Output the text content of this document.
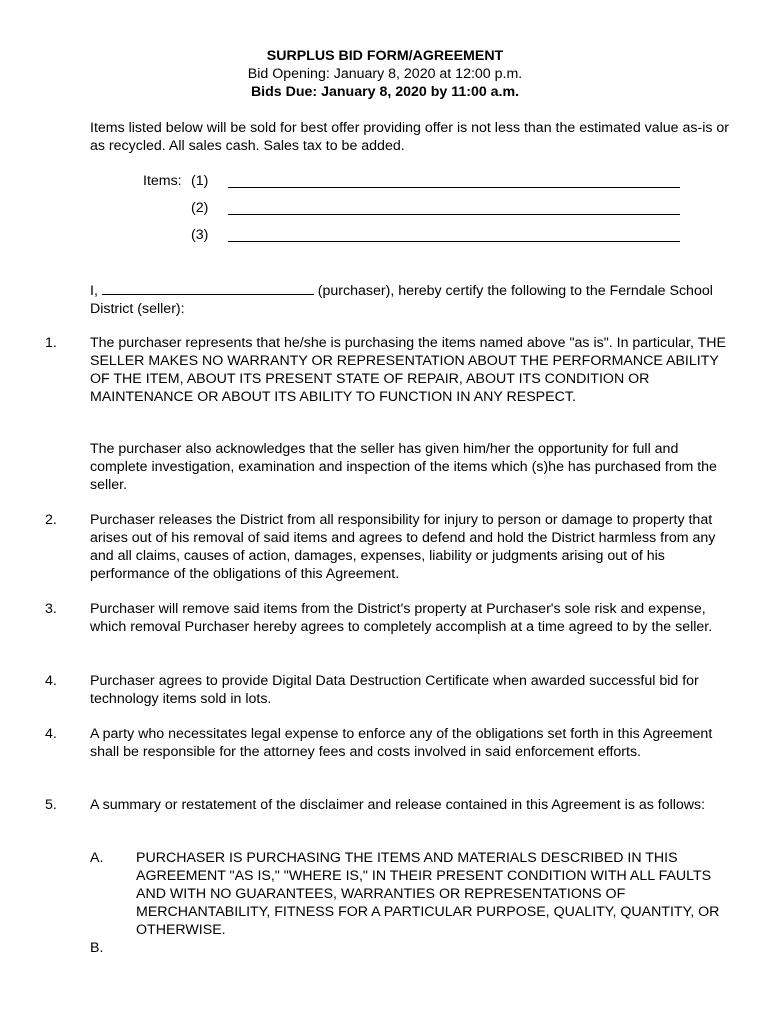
SURPLUS BID FORM/AGREEMENT
Bid Opening: January 8, 2020 at 12:00 p.m.
Bids Due: January 8, 2020 by 11:00 a.m.
Items listed below will be sold for best offer providing offer is not less than the estimated value as-is or as recycled. All sales cash. Sales tax to be added.
Items: (1)
(2)
(3)
I,	(purchaser), hereby certify the following to the Ferndale School District (seller):
1. The purchaser represents that he/she is purchasing the items named above "as is". In particular, THE SELLER MAKES NO WARRANTY OR REPRESENTATION ABOUT THE PERFORMANCE ABILITY OF THE ITEM, ABOUT ITS PRESENT STATE OF REPAIR, ABOUT ITS CONDITION OR MAINTENANCE OR ABOUT ITS ABILITY TO FUNCTION IN ANY RESPECT.
The purchaser also acknowledges that the seller has given him/her the opportunity for full and complete investigation, examination and inspection of the items which (s)he has purchased from the seller.
2. Purchaser releases the District from all responsibility for injury to person or damage to property that arises out of his removal of said items and agrees to defend and hold the District harmless from any and all claims, causes of action, damages, expenses, liability or judgments arising out of his performance of the obligations of this Agreement.
3. Purchaser will remove said items from the District's property at Purchaser's sole risk and expense, which removal Purchaser hereby agrees to completely accomplish at a time agreed to by the seller.
4. Purchaser agrees to provide Digital Data Destruction Certificate when awarded successful bid for technology items sold in lots.
4. A party who necessitates legal expense to enforce any of the obligations set forth in this Agreement shall be responsible for the attorney fees and costs involved in said enforcement efforts.
5. A summary or restatement of the disclaimer and release contained in this Agreement is as follows:
A. PURCHASER IS PURCHASING THE ITEMS AND MATERIALS DESCRIBED IN THIS AGREEMENT "AS IS," "WHERE IS," IN THEIR PRESENT CONDITION WITH ALL FAULTS AND WITH NO GUARANTEES, WARRANTIES OR REPRESENTATIONS OF MERCHANTABILITY, FITNESS FOR A PARTICULAR PURPOSE, QUALITY, QUANTITY, OR OTHERWISE.
B.
